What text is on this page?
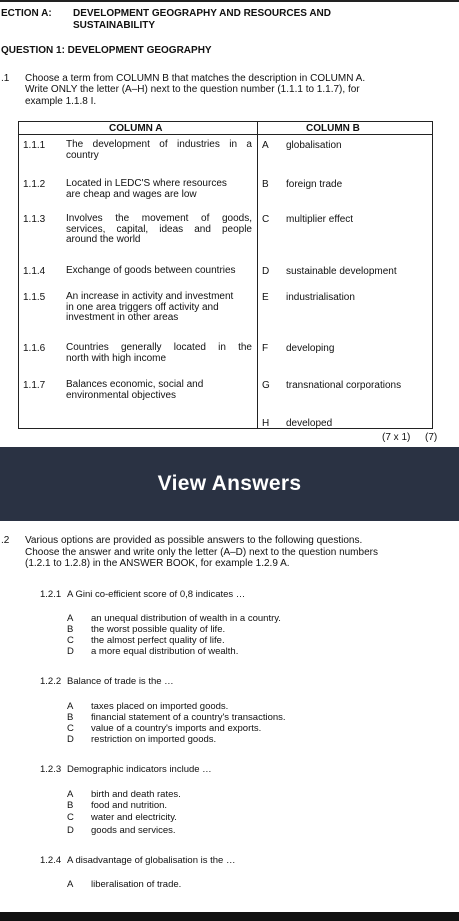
ECTION A: DEVELOPMENT GEOGRAPHY AND RESOURCES AND
SUSTAINABILITY
QUESTION 1: DEVELOPMENT GEOGRAPHY
.1 Choose a term from COLUMN B that matches the description in COLUMN A.
Write ONLY the letter (A–H) next to the question number (1.1.1 to 1.1.7), for
example 1.1.8 I.
COLUMN A	COLUMN B
1.1.1 The development of industries in a
country
1.1.2 Located in LEDC'S where resources
are cheap and wages are low
1.1.3 Involves the movement of goods,
services, capital, ideas and people
around the world
1.1.4 Exchange of goods between countries
1.1.5 An increase in activity and investment
in one area triggers off activity and
investment in other areas
1.1.6 Countries generally located in the
north with high income
1.1.7 Balances economic, social and
environmental objectives
A globalisation
B foreign trade
C multiplier effect
D sustainable development
E industrialisation
F developing
G transnational corporations
H developed
(7 x 1) (7)
View Answers
.2 Various options are provided as possible answers to the following questions.
Choose the answer and write only the letter (A–D) next to the question numbers
(1.2.1 to 1.2.8) in the ANSWER BOOK, for example 1.2.9 A.
1.2.1 A Gini co-efficient score of 0,8 indicates …
A an unequal distribution of wealth in a country.
B the worst possible quality of life.
C the almost perfect quality of life.
D a more equal distribution of wealth.
1.2.2 Balance of trade is the …
A taxes placed on imported goods.
B financial statement of a country's transactions.
C value of a country's imports and exports.
D restriction on imported goods.
1.2.3 Demographic indicators include …
A birth and death rates.
B food and nutrition.
C water and electricity.
D goods and services.
1.2.4 A disadvantage of globalisation is the …
A liberalisation of trade.
